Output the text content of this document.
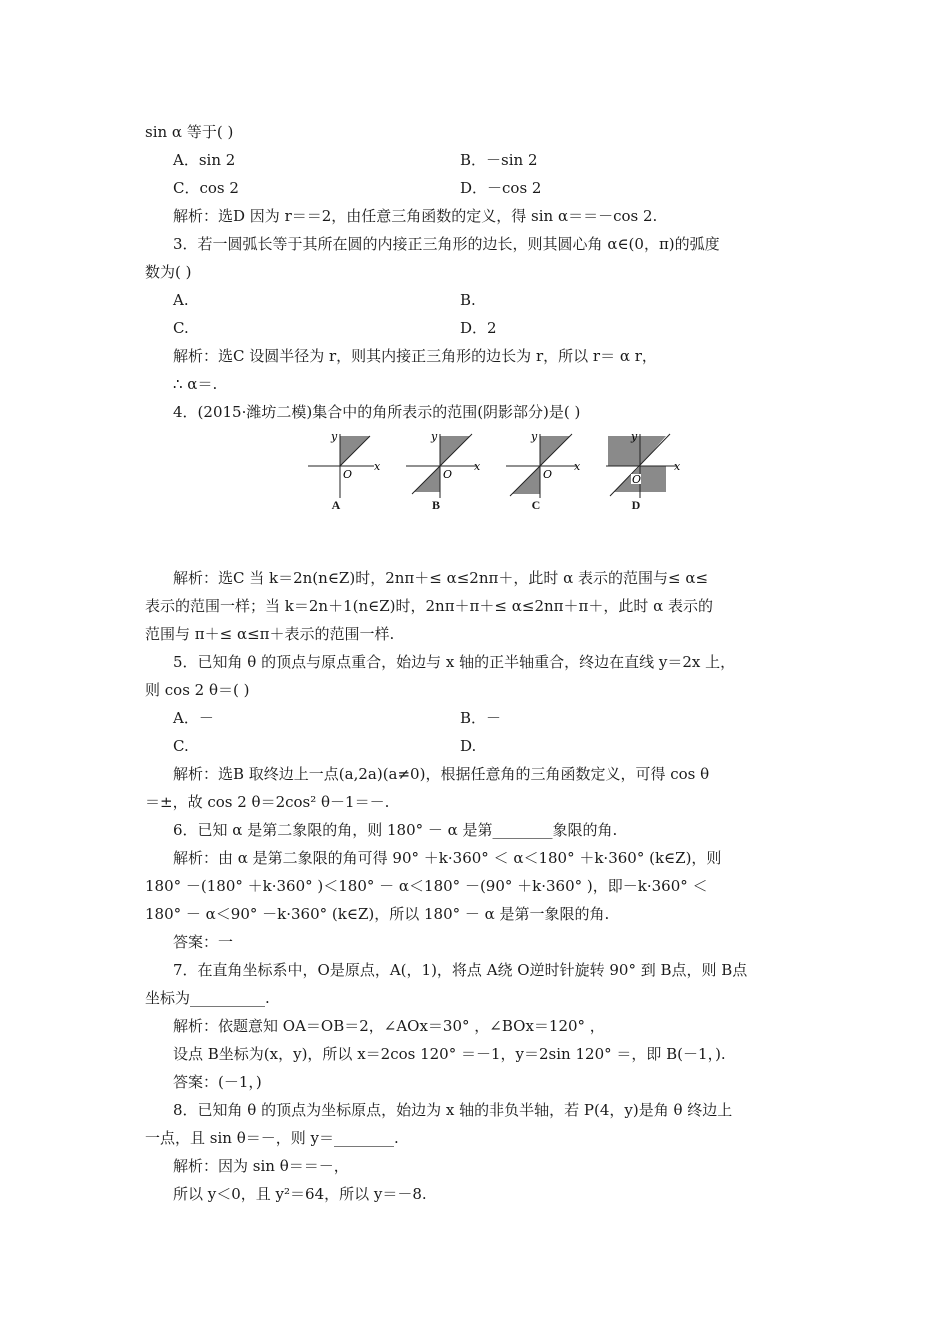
sin α 等于( )
A．sin 2	B．－sin 2
C．cos 2	D．－cos 2
解析：选D 因为 r＝＝2，由任意三角函数的定义，得 sin α＝＝－cos 2.
3．若一圆弧长等于其所在圆的内接正三角形的边长，则其圆心角 α∈(0，π)的弧度
数为( )
A.	B.
C.	D．2
解析：选C 设圆半径为 r，则其内接正三角形的边长为 r，所以 r＝ α r，
∴ α＝.
4．(2015·潍坊二模)集合中的角所表示的范围(阴影部分)是( )
y
x
O
A
y
x
O
B
y
x
O
C
y
x
O
D
解析：选C 当 k＝2n(n∈Z)时，2nπ＋≤ α≤2nπ＋，此时 α 表示的范围与≤ α≤
表示的范围一样；当 k＝2n＋1(n∈Z)时，2nπ＋π＋≤ α≤2nπ＋π＋，此时 α 表示的
范围与 π＋≤ α≤π＋表示的范围一样.
5．已知角 θ 的顶点与原点重合，始边与 x 轴的正半轴重合，终边在直线 y＝2x 上，
则 cos 2 θ＝( )
A．－	B．－
C.	D.
解析：选B 取终边上一点(a,2a)(a≠0)，根据任意角的三角函数定义，可得 cos θ
＝±，故 cos 2 θ＝2cos² θ－1＝－.
6．已知 α 是第二象限的角，则 180° － α 是第________象限的角.
解析：由 α 是第二象限的角可得 90° ＋k·360° ＜ α＜180° ＋k·360° (k∈Z)，则
180° －(180° ＋k·360° )＜180° － α＜180° －(90° ＋k·360° )，即－k·360° ＜
180° － α＜90° －k·360° (k∈Z)，所以 180° － α 是第一象限的角.
答案：一
7．在直角坐标系中，O是原点，A(，1)，将点 A绕 O逆时针旋转 90° 到 B点，则 B点
坐标为__________.
解析：依题意知 OA＝OB＝2，∠AOx＝30° ，∠BOx＝120° ，
设点 B坐标为(x，y)，所以 x＝2cos 120° ＝－1，y＝2sin 120° ＝，即 B(－1，).
答案：(－1，)
8．已知角 θ 的顶点为坐标原点，始边为 x 轴的非负半轴，若 P(4，y)是角 θ 终边上
一点，且 sin θ＝－，则 y＝________.
解析：因为 sin θ＝＝－，
所以 y＜0，且 y²＝64，所以 y＝－8.
